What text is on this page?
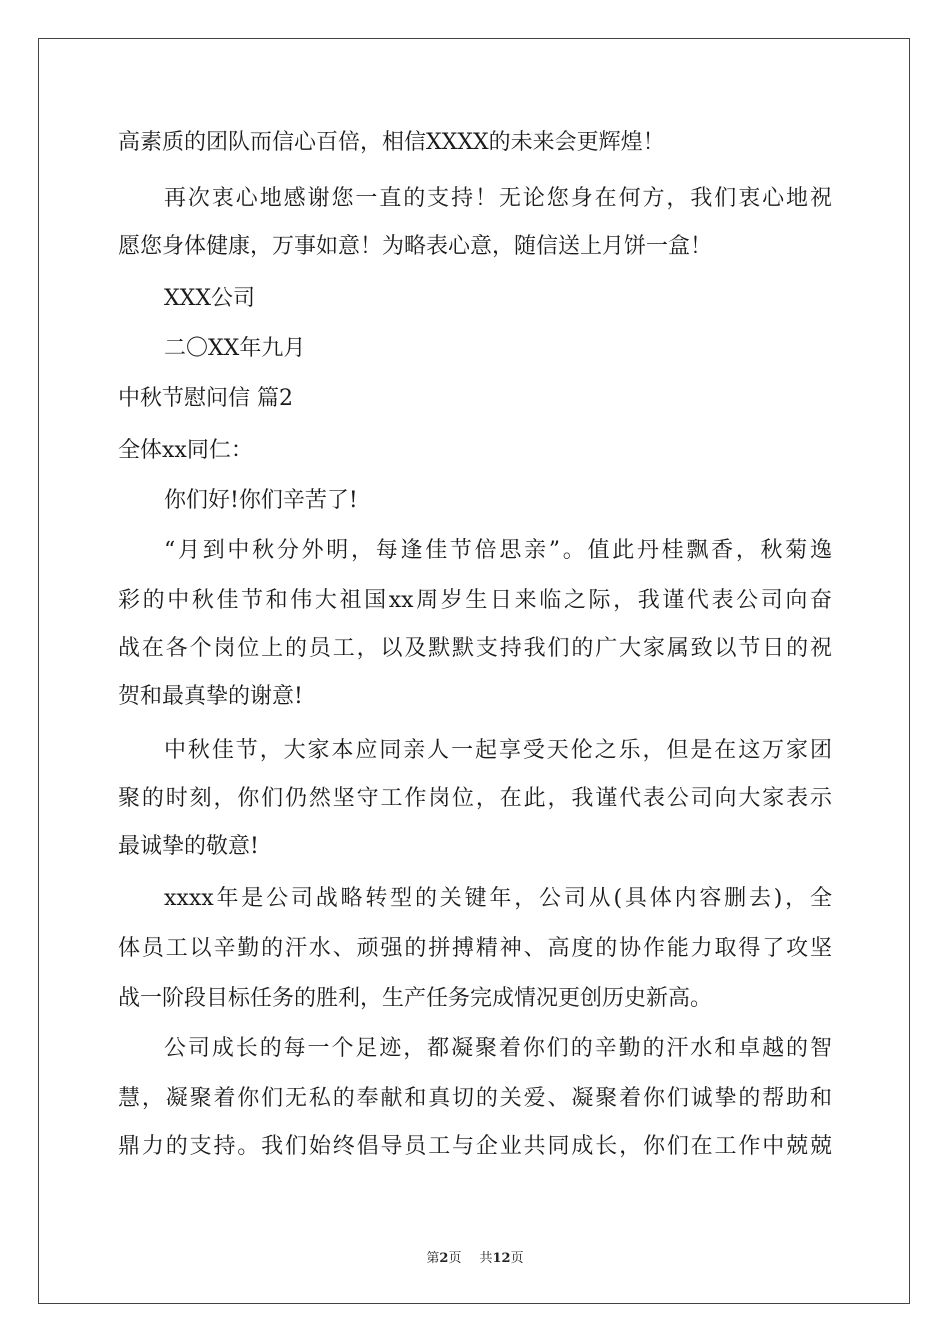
高素质的团队而信心百倍，相信XXXX的未来会更辉煌！
再次衷心地感谢您一直的支持！无论您身在何方，我们衷心地祝
愿您身体健康，万事如意！为略表心意，随信送上月饼一盒！
XXX公司
二〇XX年九月
中秋节慰问信 篇2
全体xx同仁：
你们好!你们辛苦了!
“月到中秋分外明，每逢佳节倍思亲”。值此丹桂飘香，秋菊逸
彩的中秋佳节和伟大祖国xx周岁生日来临之际，我谨代表公司向奋
战在各个岗位上的员工，以及默默支持我们的广大家属致以节日的祝
贺和最真挚的谢意!
中秋佳节，大家本应同亲人一起享受天伦之乐，但是在这万家团
聚的时刻，你们仍然坚守工作岗位，在此，我谨代表公司向大家表示
最诚挚的敬意!
xxxx年是公司战略转型的关键年，公司从(具体内容删去)，全
体员工以辛勤的汗水、顽强的拼搏精神、高度的协作能力取得了攻坚
战一阶段目标任务的胜利，生产任务完成情况更创历史新高。
公司成长的每一个足迹，都凝聚着你们的辛勤的汗水和卓越的智
慧，凝聚着你们无私的奉献和真切的关爱、凝聚着你们诚挚的帮助和
鼎力的支持。我们始终倡导员工与企业共同成长，你们在工作中兢兢
第2页 共12页
